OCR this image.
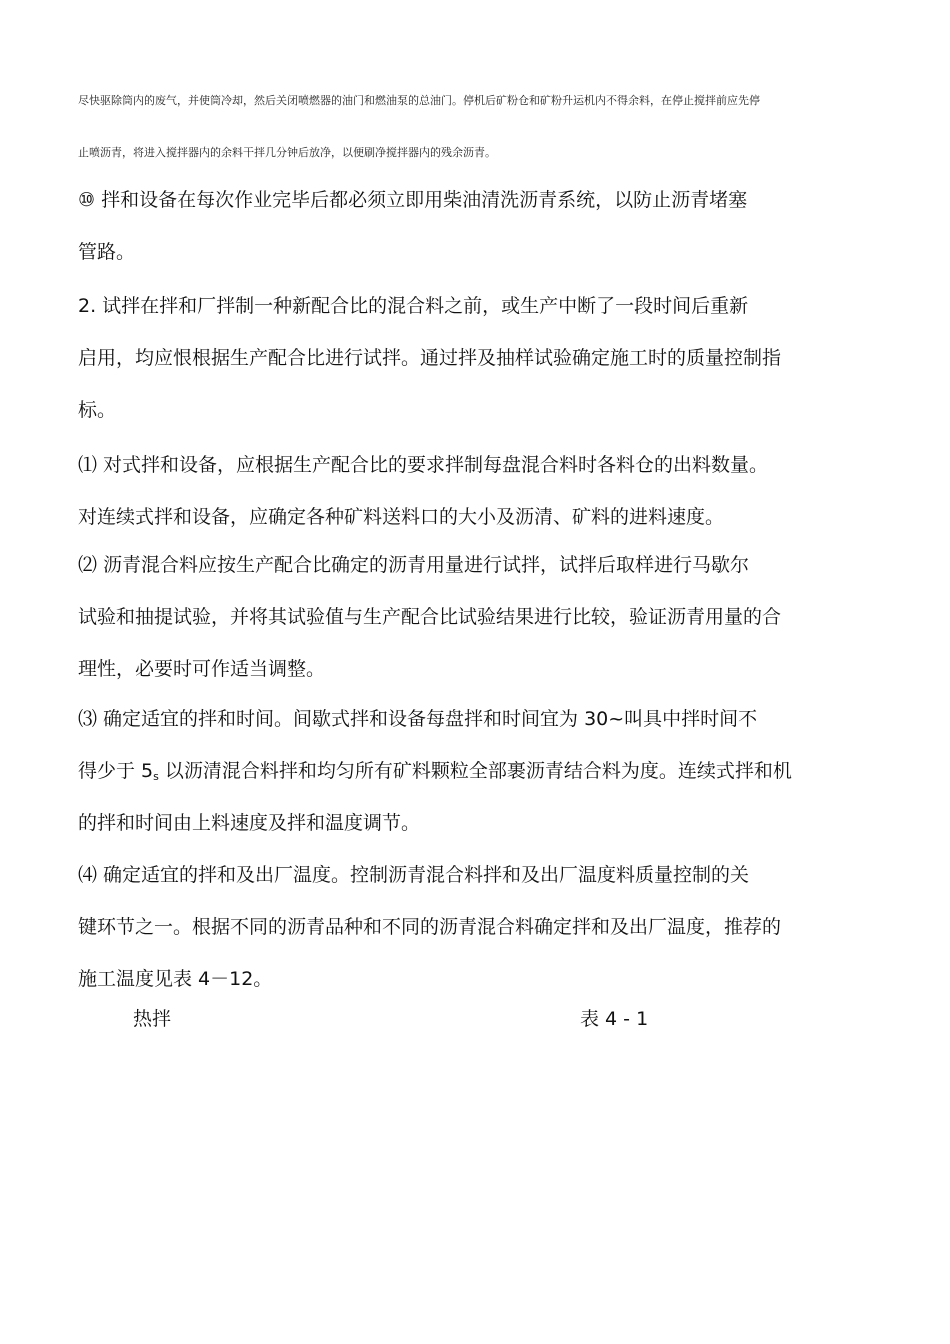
尽快驱除筒内的废气，并使筒冷却，然后关闭喷燃器的油门和燃油泵的总油门。停机后矿粉仓和矿粉升运机内不得余料，在停止搅拌前应先停
止喷沥青，将进入搅拌器内的余料干拌几分钟后放净，以便刷净搅拌器内的残余沥青。
⑩ 拌和设备在每次作业完毕后都必须立即用柴油清洗沥青系统，以防止沥青堵塞
管路。
2. 试拌在拌和厂拌制一种新配合比的混合料之前，或生产中断了一段时间后重新
启用，均应恨根据生产配合比进行试拌。通过拌及抽样试验确定施工时的质量控制指
标。
⑴ 对式拌和设备，应根据生产配合比的要求拌制每盘混合料时各料仓的出料数量。
对连续式拌和设备，应确定各种矿料送料口的大小及沥清、矿料的进料速度。
⑵ 沥青混合料应按生产配合比确定的沥青用量进行试拌，试拌后取样进行马歇尔
试验和抽提试验，并将其试验值与生产配合比试验结果进行比较，验证沥青用量的合
理性，必要时可作适当调整。
⑶ 确定适宜的拌和时间。间歇式拌和设备每盘拌和时间宜为 30~叫具中拌时间不
得少于 $5_s$ 以沥清混合料拌和均匀所有矿料颗粒全部裹沥青结合料为度。连续式拌和机
的拌和时间由上料速度及拌和温度调节。
⑷ 确定适宜的拌和及出厂温度。控制沥青混合料拌和及出厂温度料质量控制的关
键环节之一。根据不同的沥青品种和不同的沥青混合料确定拌和及出厂温度，推荐的
施工温度见表 4－12。
热拌	表 4 - 1
